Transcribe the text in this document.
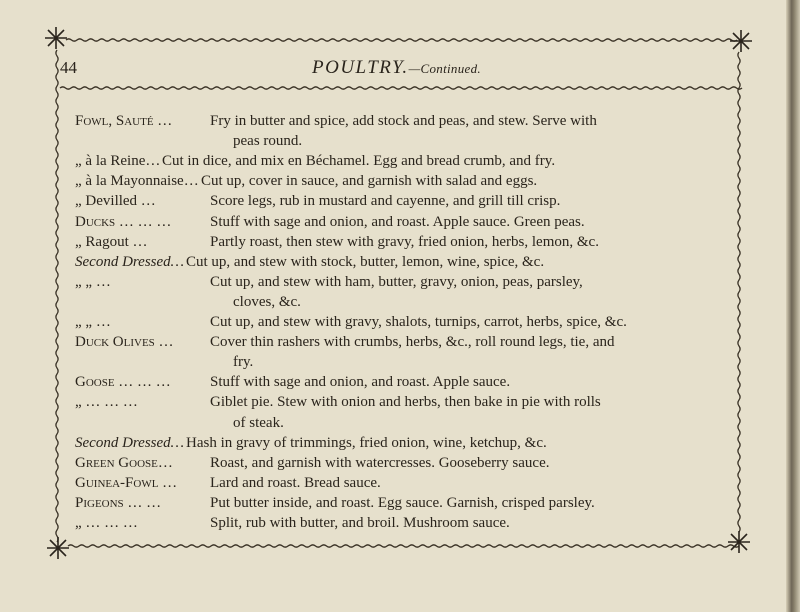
44	POULTRY.—Continued.
Fowl, Sauté …	Fry in butter and spice, add stock and peas, and stew. Serve with
peas round.
„ à la Reine… Cut in dice, and mix en Béchamel. Egg and bread crumb, and fry.
„ à la Mayonnaise… Cut up, cover in sauce, and garnish with salad and eggs.
„ Devilled …	Score legs, rub in mustard and cayenne, and grill till crisp.
Ducks … … …	Stuff with sage and onion, and roast. Apple sauce. Green peas.
„ Ragout …	Partly roast, then stew with gravy, fried onion, herbs, lemon, &c.
Second Dressed… Cut up, and stew with stock, butter, lemon, wine, spice, &c.
„ „ …	Cut up, and stew with ham, butter, gravy, onion, peas, parsley,
cloves, &c.
„ „ …	Cut up, and stew with gravy, shalots, turnips, carrot, herbs, spice, &c.
Duck Olives … Cover thin rashers with crumbs, herbs, &c., roll round legs, tie, and
fry.
Goose … … …	Stuff with sage and onion, and roast. Apple sauce.
„ … … …	Giblet pie. Stew with onion and herbs, then bake in pie with rolls
of steak.
Second Dressed… Hash in gravy of trimmings, fried onion, wine, ketchup, &c.
Green Goose… Roast, and garnish with watercresses. Gooseberry sauce.
Guinea-Fowl … Lard and roast. Bread sauce.
Pigeons … …	Put butter inside, and roast. Egg sauce. Garnish, crisped parsley.
„ … … …	Split, rub with butter, and broil. Mushroom sauce.
